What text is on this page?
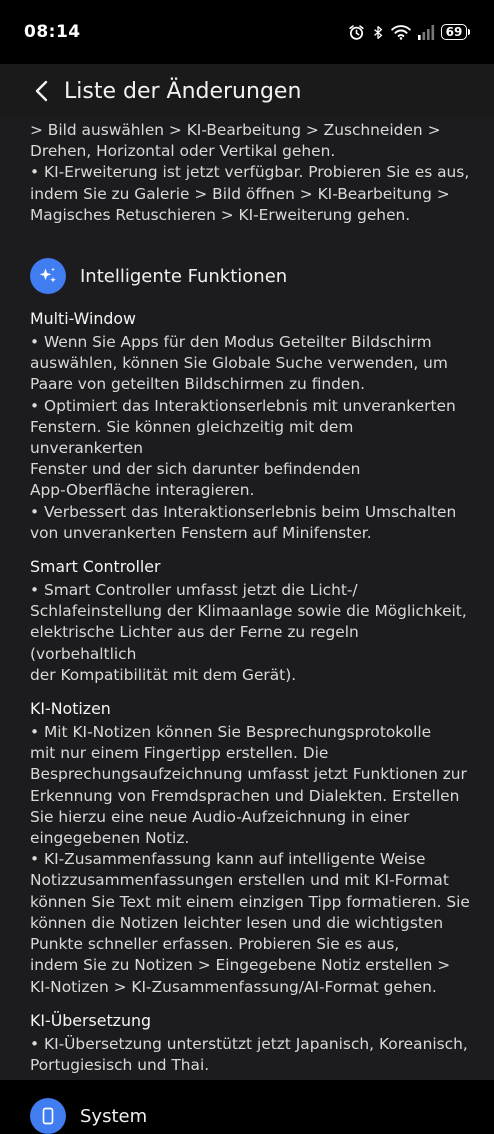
08:14	69
Liste der Änderungen

> Bild auswählen > KI-Bearbeitung > Zuschneiden >
Drehen, Horizontal oder Vertikal gehen.
• KI-Erweiterung ist jetzt verfügbar. Probieren Sie es aus,
indem Sie zu Galerie > Bild öffnen > KI-Bearbeitung >
Magisches Retuschieren > KI-Erweiterung gehen.

Intelligente Funktionen

Multi-Window

• Wenn Sie Apps für den Modus Geteilter Bildschirm
auswählen, können Sie Globale Suche verwenden, um
Paare von geteilten Bildschirmen zu finden.
• Optimiert das Interaktionserlebnis mit unverankerten
Fenstern. Sie können gleichzeitig mit dem unverankerten
Fenster und der sich darunter befindenden
App-Oberfläche interagieren.
• Verbessert das Interaktionserlebnis beim Umschalten
von unverankerten Fenstern auf Minifenster.

Smart Controller

• Smart Controller umfasst jetzt die Licht-/
Schlafeinstellung der Klimaanlage sowie die Möglichkeit,
elektrische Lichter aus der Ferne zu regeln (vorbehaltlich
der Kompatibilität mit dem Gerät).

KI-Notizen

• Mit KI-Notizen können Sie Besprechungsprotokolle
mit nur einem Fingertipp erstellen. Die
Besprechungsaufzeichnung umfasst jetzt Funktionen zur
Erkennung von Fremdsprachen und Dialekten. Erstellen
Sie hierzu eine neue Audio-Aufzeichnung in einer
eingegebenen Notiz.
• KI-Zusammenfassung kann auf intelligente Weise
Notizzusammenfassungen erstellen und mit KI-Format
können Sie Text mit einem einzigen Tipp formatieren. Sie
können die Notizen leichter lesen und die wichtigsten
Punkte schneller erfassen. Probieren Sie es aus,
indem Sie zu Notizen > Eingegebene Notiz erstellen >
KI-Notizen > KI-Zusammenfassung/AI-Format gehen.

KI-Übersetzung

• KI-Übersetzung unterstützt jetzt Japanisch, Koreanisch,
Portugiesisch und Thai.

System
